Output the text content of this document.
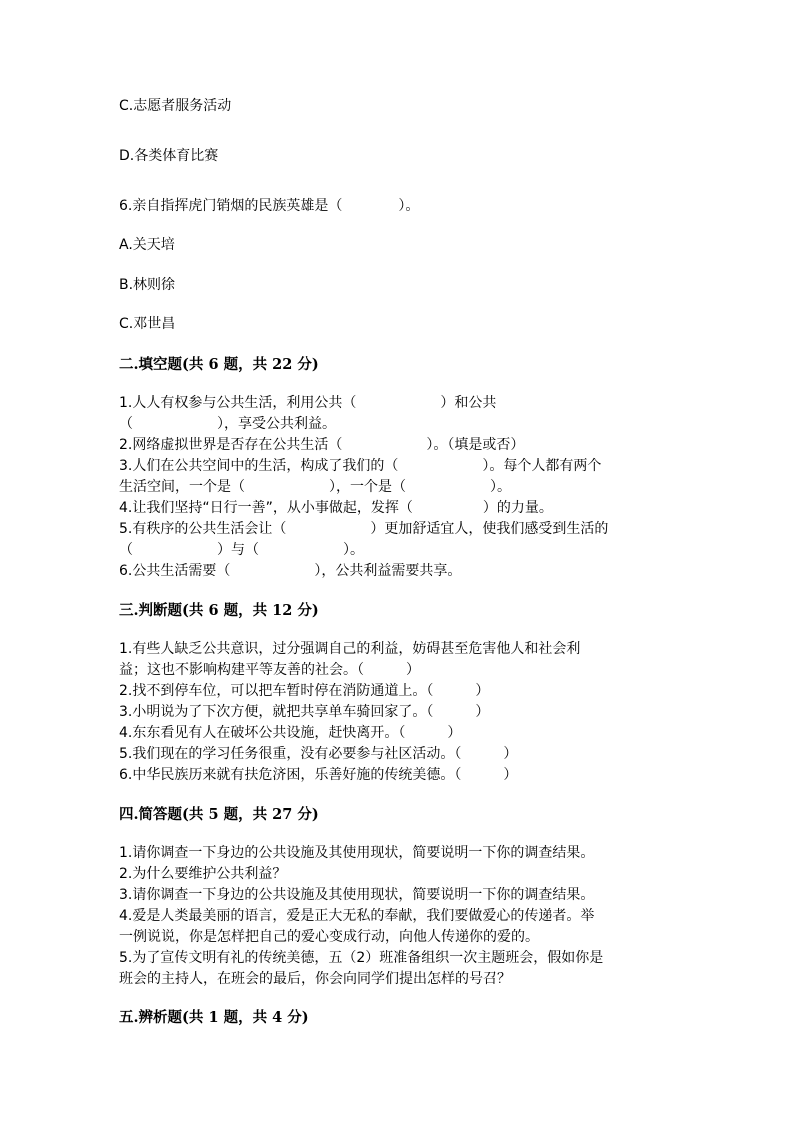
C.志愿者服务活动
D.各类体育比赛
6.亲自指挥虎门销烟的民族英雄是（　　　　）。
A.关天培
B.林则徐
C.邓世昌
二.填空题(共 6 题，共 22 分)
1.人人有权参与公共生活，利用公共（　　　　　　）和公共
（　　　　　　），享受公共利益。
2.网络虚拟世界是否存在公共生活（　　　　　　）。（填是或否）
3.人们在公共空间中的生活，构成了我们的（　　　　　　）。每个人都有两个
生活空间，一个是（　　　　　　），一个是（　　　　　　）。
4.让我们坚持“日行一善”，从小事做起，发挥（　　　　　）的力量。
5.有秩序的公共生活会让（　　　　　　）更加舒适宜人，使我们感受到生活的
（　　　　　　）与（　　　　　　）。
6.公共生活需要（　　　　　　），公共利益需要共享。
三.判断题(共 6 题，共 12 分)
1.有些人缺乏公共意识，过分强调自己的利益，妨碍甚至危害他人和社会利
益；这也不影响构建平等友善的社会。（　　　）
2.找不到停车位，可以把车暂时停在消防通道上。（　　　）
3.小明说为了下次方便，就把共享单车骑回家了。（　　　）
4.东东看见有人在破坏公共设施，赶快离开。（　　　）
5.我们现在的学习任务很重，没有必要参与社区活动。（　　　）
6.中华民族历来就有扶危济困，乐善好施的传统美德。（　　　）
四.简答题(共 5 题，共 27 分)
1.请你调查一下身边的公共设施及其使用现状，简要说明一下你的调查结果。
2.为什么要维护公共利益？
3.请你调查一下身边的公共设施及其使用现状，简要说明一下你的调查结果。
4.爱是人类最美丽的语言，爱是正大无私的奉献，我们要做爱心的传递者。举
一例说说，你是怎样把自己的爱心变成行动，向他人传递你的爱的。
5.为了宣传文明有礼的传统美德，五（2）班准备组织一次主题班会，假如你是
班会的主持人，在班会的最后，你会向同学们提出怎样的号召？
五.辨析题(共 1 题，共 4 分)
